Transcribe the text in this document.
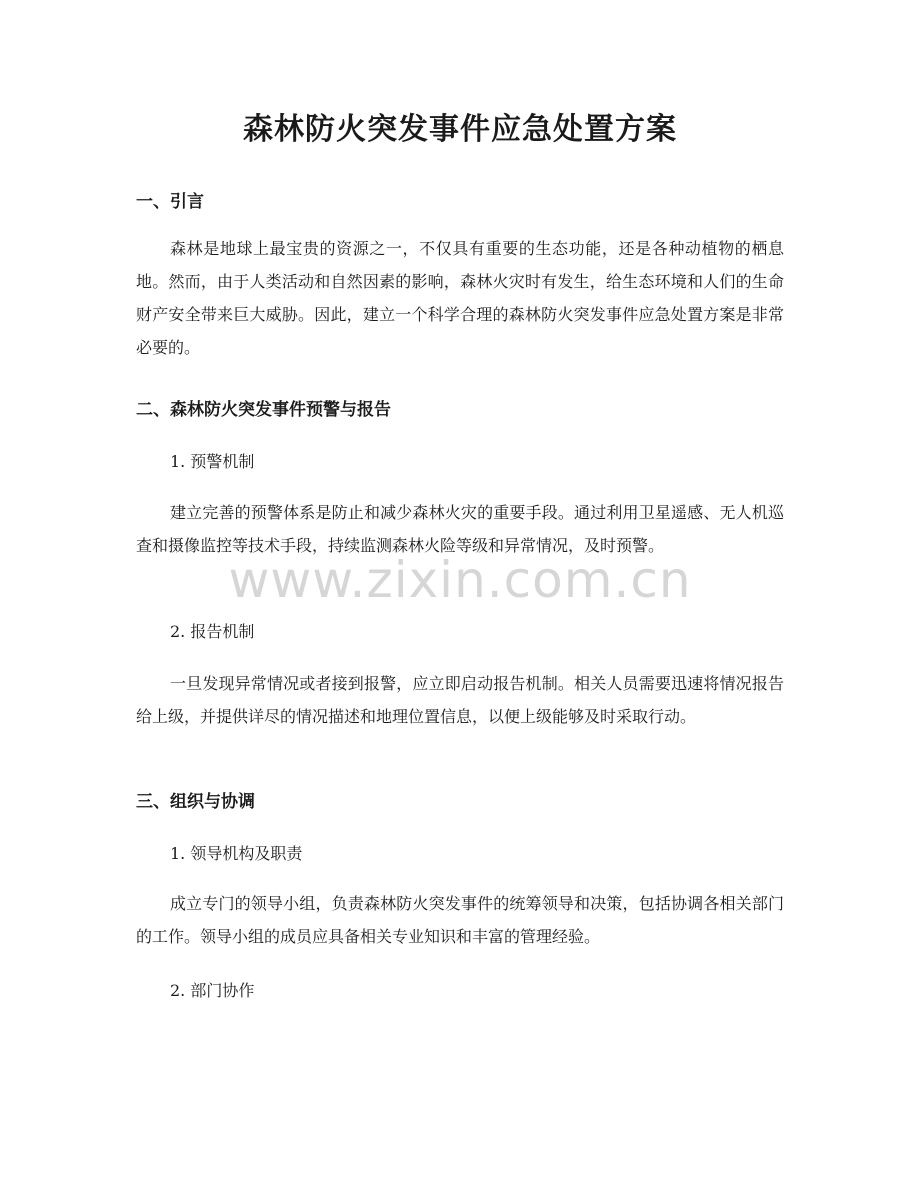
森林防火突发事件应急处置方案
一、引言

森林是地球上最宝贵的资源之一，不仅具有重要的生态功能，还是各种动植物的栖息地。然而，由于人类活动和自然因素的影响，森林火灾时有发生，给生态环境和人们的生命财产安全带来巨大威胁。因此，建立一个科学合理的森林防火突发事件应急处置方案是非常必要的。

二、森林防火突发事件预警与报告
1. 预警机制

建立完善的预警体系是防止和减少森林火灾的重要手段。通过利用卫星遥感、无人机巡查和摄像监控等技术手段，持续监测森林火险等级和异常情况，及时预警。

2. 报告机制

一旦发现异常情况或者接到报警，应立即启动报告机制。相关人员需要迅速将情况报告给上级，并提供详尽的情况描述和地理位置信息，以便上级能够及时采取行动。

三、组织与协调
1. 领导机构及职责

成立专门的领导小组，负责森林防火突发事件的统筹领导和决策，包括协调各相关部门的工作。领导小组的成员应具备相关专业知识和丰富的管理经验。

2. 部门协作
www.zixin.com.cn
